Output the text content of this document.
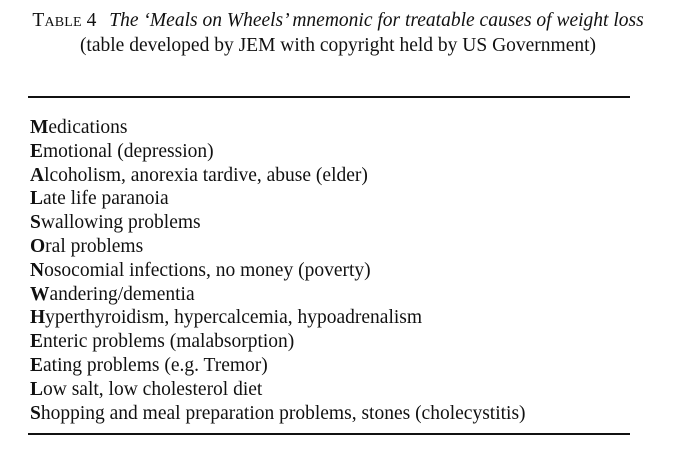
Table 4 The ‘Meals on Wheels’ mnemonic for treatable causes of weight loss (table developed by JEM with copyright held by US Government)
Medications
Emotional (depression)
Alcoholism, anorexia tardive, abuse (elder)
Late life paranoia
Swallowing problems
Oral problems
Nosocomial infections, no money (poverty)
Wandering/dementia
Hyperthyroidism, hypercalcemia, hypoadrenalism
Enteric problems (malabsorption)
Eating problems (e.g. Tremor)
Low salt, low cholesterol diet
Shopping and meal preparation problems, stones (cholecystitis)
